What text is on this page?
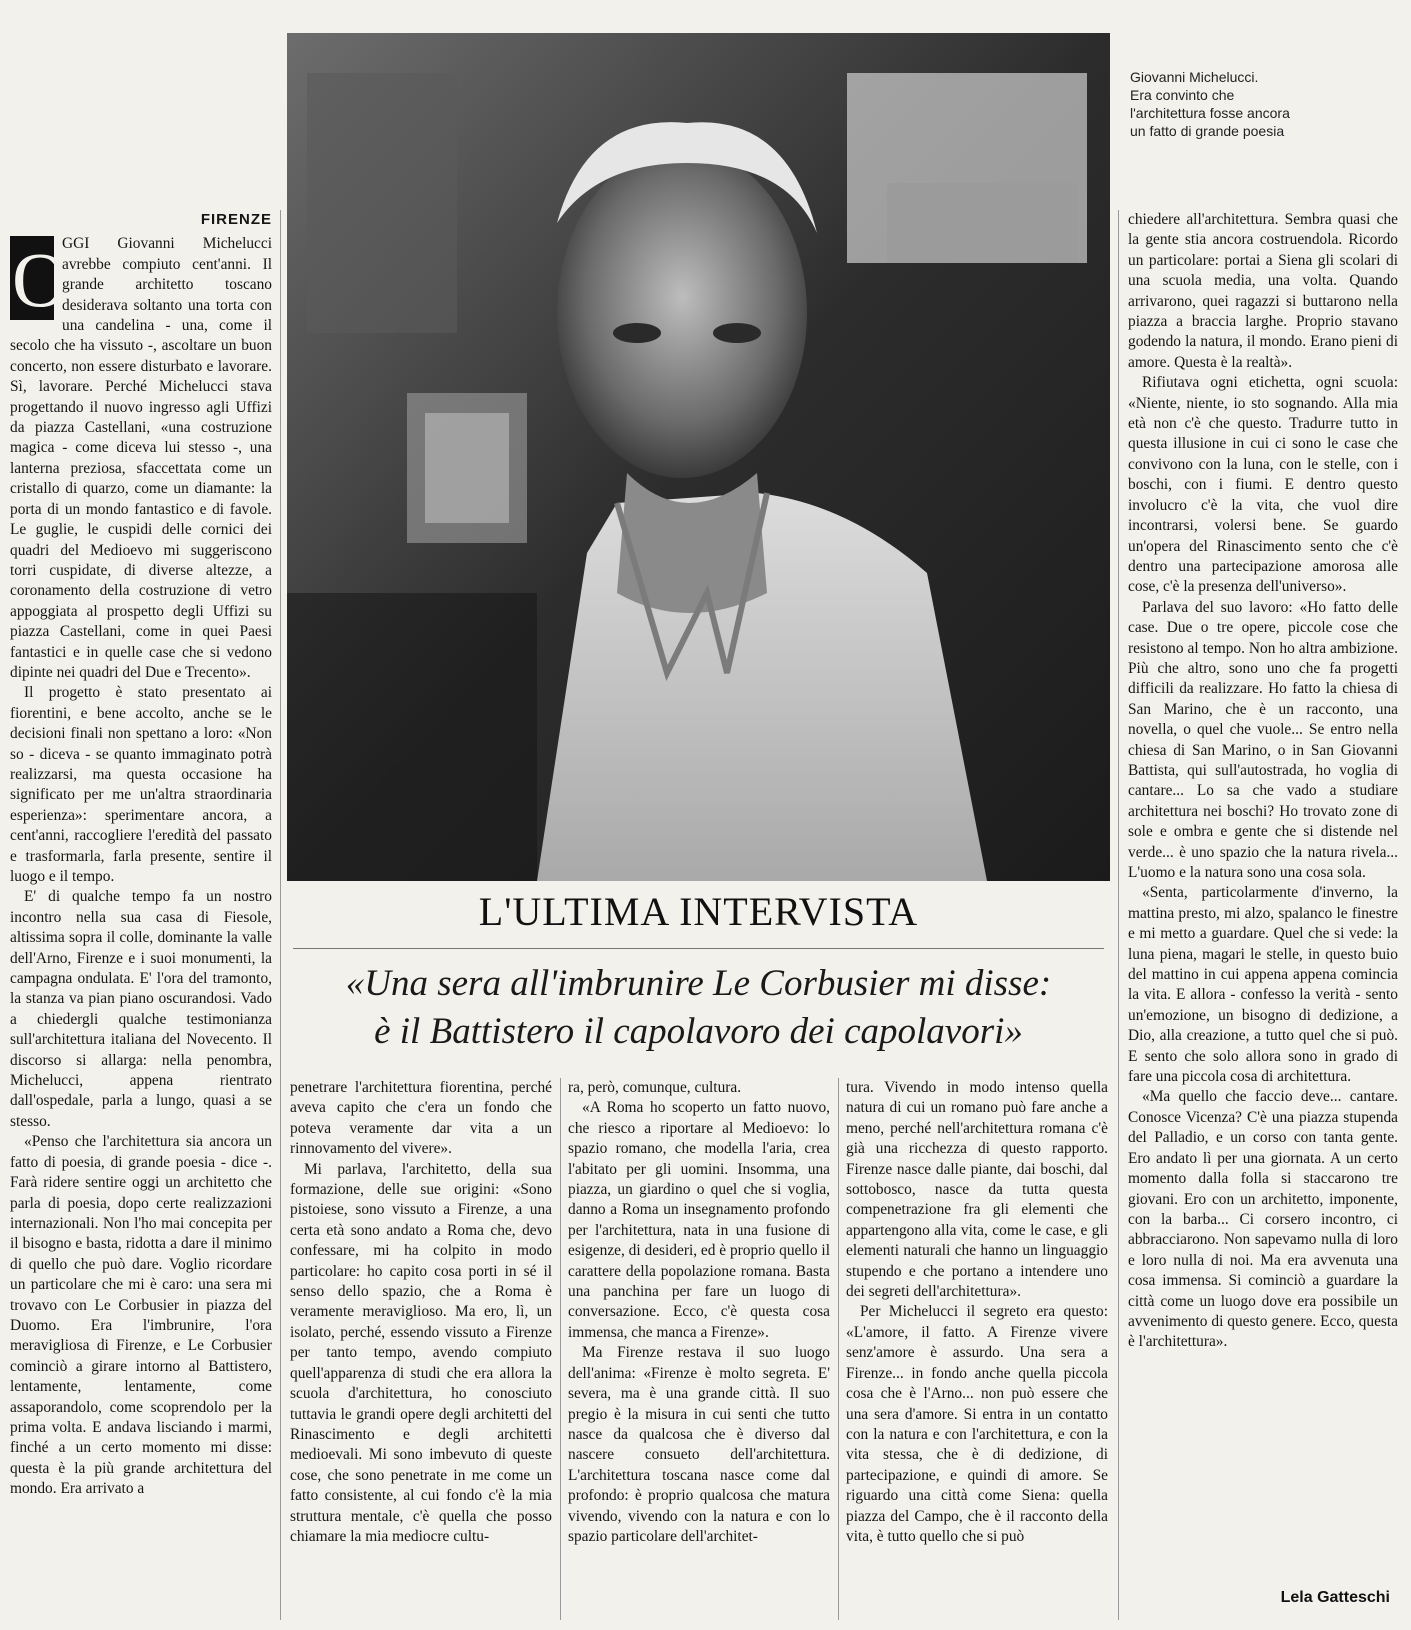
Giovanni Michelucci.
Era convinto che
l'architettura fosse ancora
un fatto di grande poesia
L'ULTIMA INTERVISTA
«Una sera all'imbrunire Le Corbusier mi disse:
è il Battistero il capolavoro dei capolavori»
FIRENZE
O

GGI Giovanni Michelucci avrebbe compiuto cent'anni. Il grande architetto toscano desiderava soltanto una torta con una candelina - una, come il secolo che ha vissuto -, ascoltare un buon concerto, non essere disturbato e lavorare. Sì, lavorare. Perché Michelucci stava progettando il nuovo ingresso agli Uffizi da piazza Castellani, «una costruzione magica - come diceva lui stesso -, una lanterna preziosa, sfaccettata come un cristallo di quarzo, come un diamante: la porta di un mondo fantastico e di favole. Le guglie, le cuspidi delle cornici dei quadri del Medioevo mi suggeriscono torri cuspidate, di diverse altezze, a coronamento della costruzione di vetro appoggiata al prospetto degli Uffizi su piazza Castellani, come in quei Paesi fantastici e in quelle case che si vedono dipinte nei quadri del Due e Trecento».

Il progetto è stato presentato ai fiorentini, e bene accolto, anche se le decisioni finali non spettano a loro: «Non so - diceva - se quanto immaginato potrà realizzarsi, ma questa occasione ha significato per me un'altra straordinaria esperienza»: sperimentare ancora, a cent'anni, raccogliere l'eredità del passato e trasformarla, farla presente, sentire il luogo e il tempo.

E' di qualche tempo fa un nostro incontro nella sua casa di Fiesole, altissima sopra il colle, dominante la valle dell'Arno, Firenze e i suoi monumenti, la campagna ondulata. E' l'ora del tramonto, la stanza va pian piano oscurandosi. Vado a chiedergli qualche testimonianza sull'architettura italiana del Novecento. Il discorso si allarga: nella penombra, Michelucci, appena rientrato dall'ospedale, parla a lungo, quasi a se stesso.

«Penso che l'architettura sia ancora un fatto di poesia, di grande poesia - dice -. Farà ridere sentire oggi un architetto che parla di poesia, dopo certe realizzazioni internazionali. Non l'ho mai concepita per il bisogno e basta, ridotta a dare il minimo di quello che può dare. Voglio ricordare un particolare che mi è caro: una sera mi trovavo con Le Corbusier in piazza del Duomo. Era l'imbrunire, l'ora meravigliosa di Firenze, e Le Corbusier cominciò a girare intorno al Battistero, lentamente, lentamente, come assaporandolo, come scoprendolo per la prima volta. E andava lisciando i marmi, finché a un certo momento mi disse: questa è la più grande architettura del mondo. Era arrivato a

penetrare l'architettura fiorentina, perché aveva capito che c'era un fondo che poteva veramente dar vita a un rinnovamento del vivere».

Mi parlava, l'architetto, della sua formazione, delle sue origini: «Sono pistoiese, sono vissuto a Firenze, a una certa età sono andato a Roma che, devo confessare, mi ha colpito in modo particolare: ho capito cosa porti in sé il senso dello spazio, che a Roma è veramente meraviglioso. Ma ero, lì, un isolato, perché, essendo vissuto a Firenze per tanto tempo, avendo compiuto quell'apparenza di studi che era allora la scuola d'architettura, ho conosciuto tuttavia le grandi opere degli architetti del Rinascimento e degli architetti medioevali. Mi sono imbevuto di queste cose, che sono penetrate in me come un fatto consistente, al cui fondo c'è la mia struttura mentale, c'è quella che posso chiamare la mia mediocre cultu-

ra, però, comunque, cultura.

«A Roma ho scoperto un fatto nuovo, che riesco a riportare al Medioevo: lo spazio romano, che modella l'aria, crea l'abitato per gli uomini. Insomma, una piazza, un giardino o quel che si voglia, danno a Roma un insegnamento profondo per l'architettura, nata in una fusione di esigenze, di desideri, ed è proprio quello il carattere della popolazione romana. Basta una panchina per fare un luogo di conversazione. Ecco, c'è questa cosa immensa, che manca a Firenze».

Ma Firenze restava il suo luogo dell'anima: «Firenze è molto segreta. E' severa, ma è una grande città. Il suo pregio è la misura in cui senti che tutto nasce da qualcosa che è diverso dal nascere consueto dell'architettura. L'architettura toscana nasce come dal profondo: è proprio qualcosa che matura vivendo, vivendo con la natura e con lo spazio particolare dell'architet-

tura. Vivendo in modo intenso quella natura di cui un romano può fare anche a meno, perché nell'architettura romana c'è già una ricchezza di questo rapporto. Firenze nasce dalle piante, dai boschi, dal sottobosco, nasce da tutta questa compenetrazione fra gli elementi che appartengono alla vita, come le case, e gli elementi naturali che hanno un linguaggio stupendo e che portano a intendere uno dei segreti dell'architettura».

Per Michelucci il segreto era questo: «L'amore, il fatto. A Firenze vivere senz'amore è assurdo. Una sera a Firenze... in fondo anche quella piccola cosa che è l'Arno... non può essere che una sera d'amore. Si entra in un contatto con la natura e con l'architettura, e con la vita stessa, che è di dedizione, di partecipazione, e quindi di amore. Se riguardo una città come Siena: quella piazza del Campo, che è il racconto della vita, è tutto quello che si può

chiedere all'architettura. Sembra quasi che la gente stia ancora costruendola. Ricordo un particolare: portai a Siena gli scolari di una scuola media, una volta. Quando arrivarono, quei ragazzi si buttarono nella piazza a braccia larghe. Proprio stavano godendo la natura, il mondo. Erano pieni di amore. Questa è la realtà».

Rifiutava ogni etichetta, ogni scuola: «Niente, niente, io sto sognando. Alla mia età non c'è che questo. Tradurre tutto in questa illusione in cui ci sono le case che convivono con la luna, con le stelle, con i boschi, con i fiumi. E dentro questo involucro c'è la vita, che vuol dire incontrarsi, volersi bene. Se guardo un'opera del Rinascimento sento che c'è dentro una partecipazione amorosa alle cose, c'è la presenza dell'universo».

Parlava del suo lavoro: «Ho fatto delle case. Due o tre opere, piccole cose che resistono al tempo. Non ho altra ambizione. Più che altro, sono uno che fa progetti difficili da realizzare. Ho fatto la chiesa di San Marino, che è un racconto, una novella, o quel che vuole... Se entro nella chiesa di San Marino, o in San Giovanni Battista, qui sull'autostrada, ho voglia di cantare... Lo sa che vado a studiare architettura nei boschi? Ho trovato zone di sole e ombra e gente che si distende nel verde... è uno spazio che la natura rivela... L'uomo e la natura sono una cosa sola.

«Senta, particolarmente d'inverno, la mattina presto, mi alzo, spalanco le finestre e mi metto a guardare. Quel che si vede: la luna piena, magari le stelle, in questo buio del mattino in cui appena appena comincia la vita. E allora - confesso la verità - sento un'emozione, un bisogno di dedizione, a Dio, alla creazione, a tutto quel che si può. E sento che solo allora sono in grado di fare una piccola cosa di architettura.

«Ma quello che faccio deve... cantare. Conosce Vicenza? C'è una piazza stupenda del Palladio, e un corso con tanta gente. Ero andato lì per una giornata. A un certo momento dalla folla si staccarono tre giovani. Ero con un architetto, imponente, con la barba... Ci corsero incontro, ci abbracciarono. Non sapevamo nulla di loro e loro nulla di noi. Ma era avvenuta una cosa immensa. Si cominciò a guardare la città come un luogo dove era possibile un avvenimento di questo genere. Ecco, questa è l'architettura».

Lela Gatteschi
